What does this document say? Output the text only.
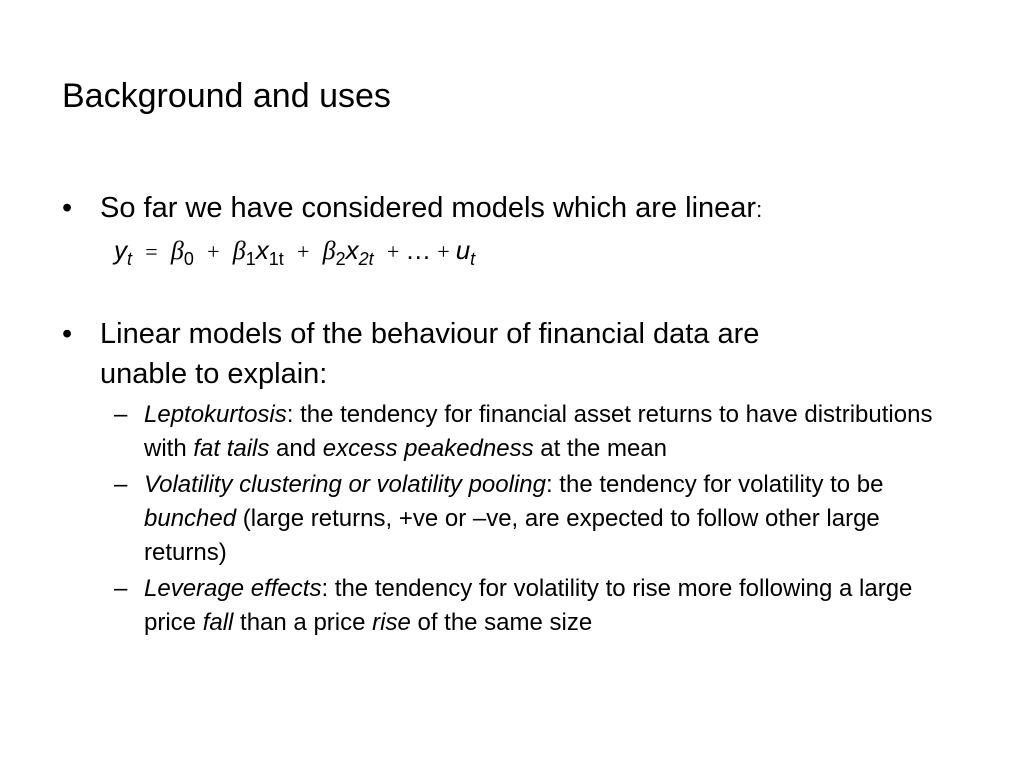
Background and uses
• So far we have considered models which are linear:
$y_t = \beta_0 + \beta_1x_{1t} + \beta_2x_{2t}$ + … + $u_t$
• Linear models of the behaviour of financial data are
unable to explain:
– Leptokurtosis: the tendency for financial asset returns to have distributions with fat tails and excess peakedness at the mean
– Volatility clustering or volatility pooling: the tendency for volatility to be bunched (large returns, +ve or –ve, are expected to follow other large returns)
– Leverage effects: the tendency for volatility to rise more following a large price fall than a price rise of the same size
